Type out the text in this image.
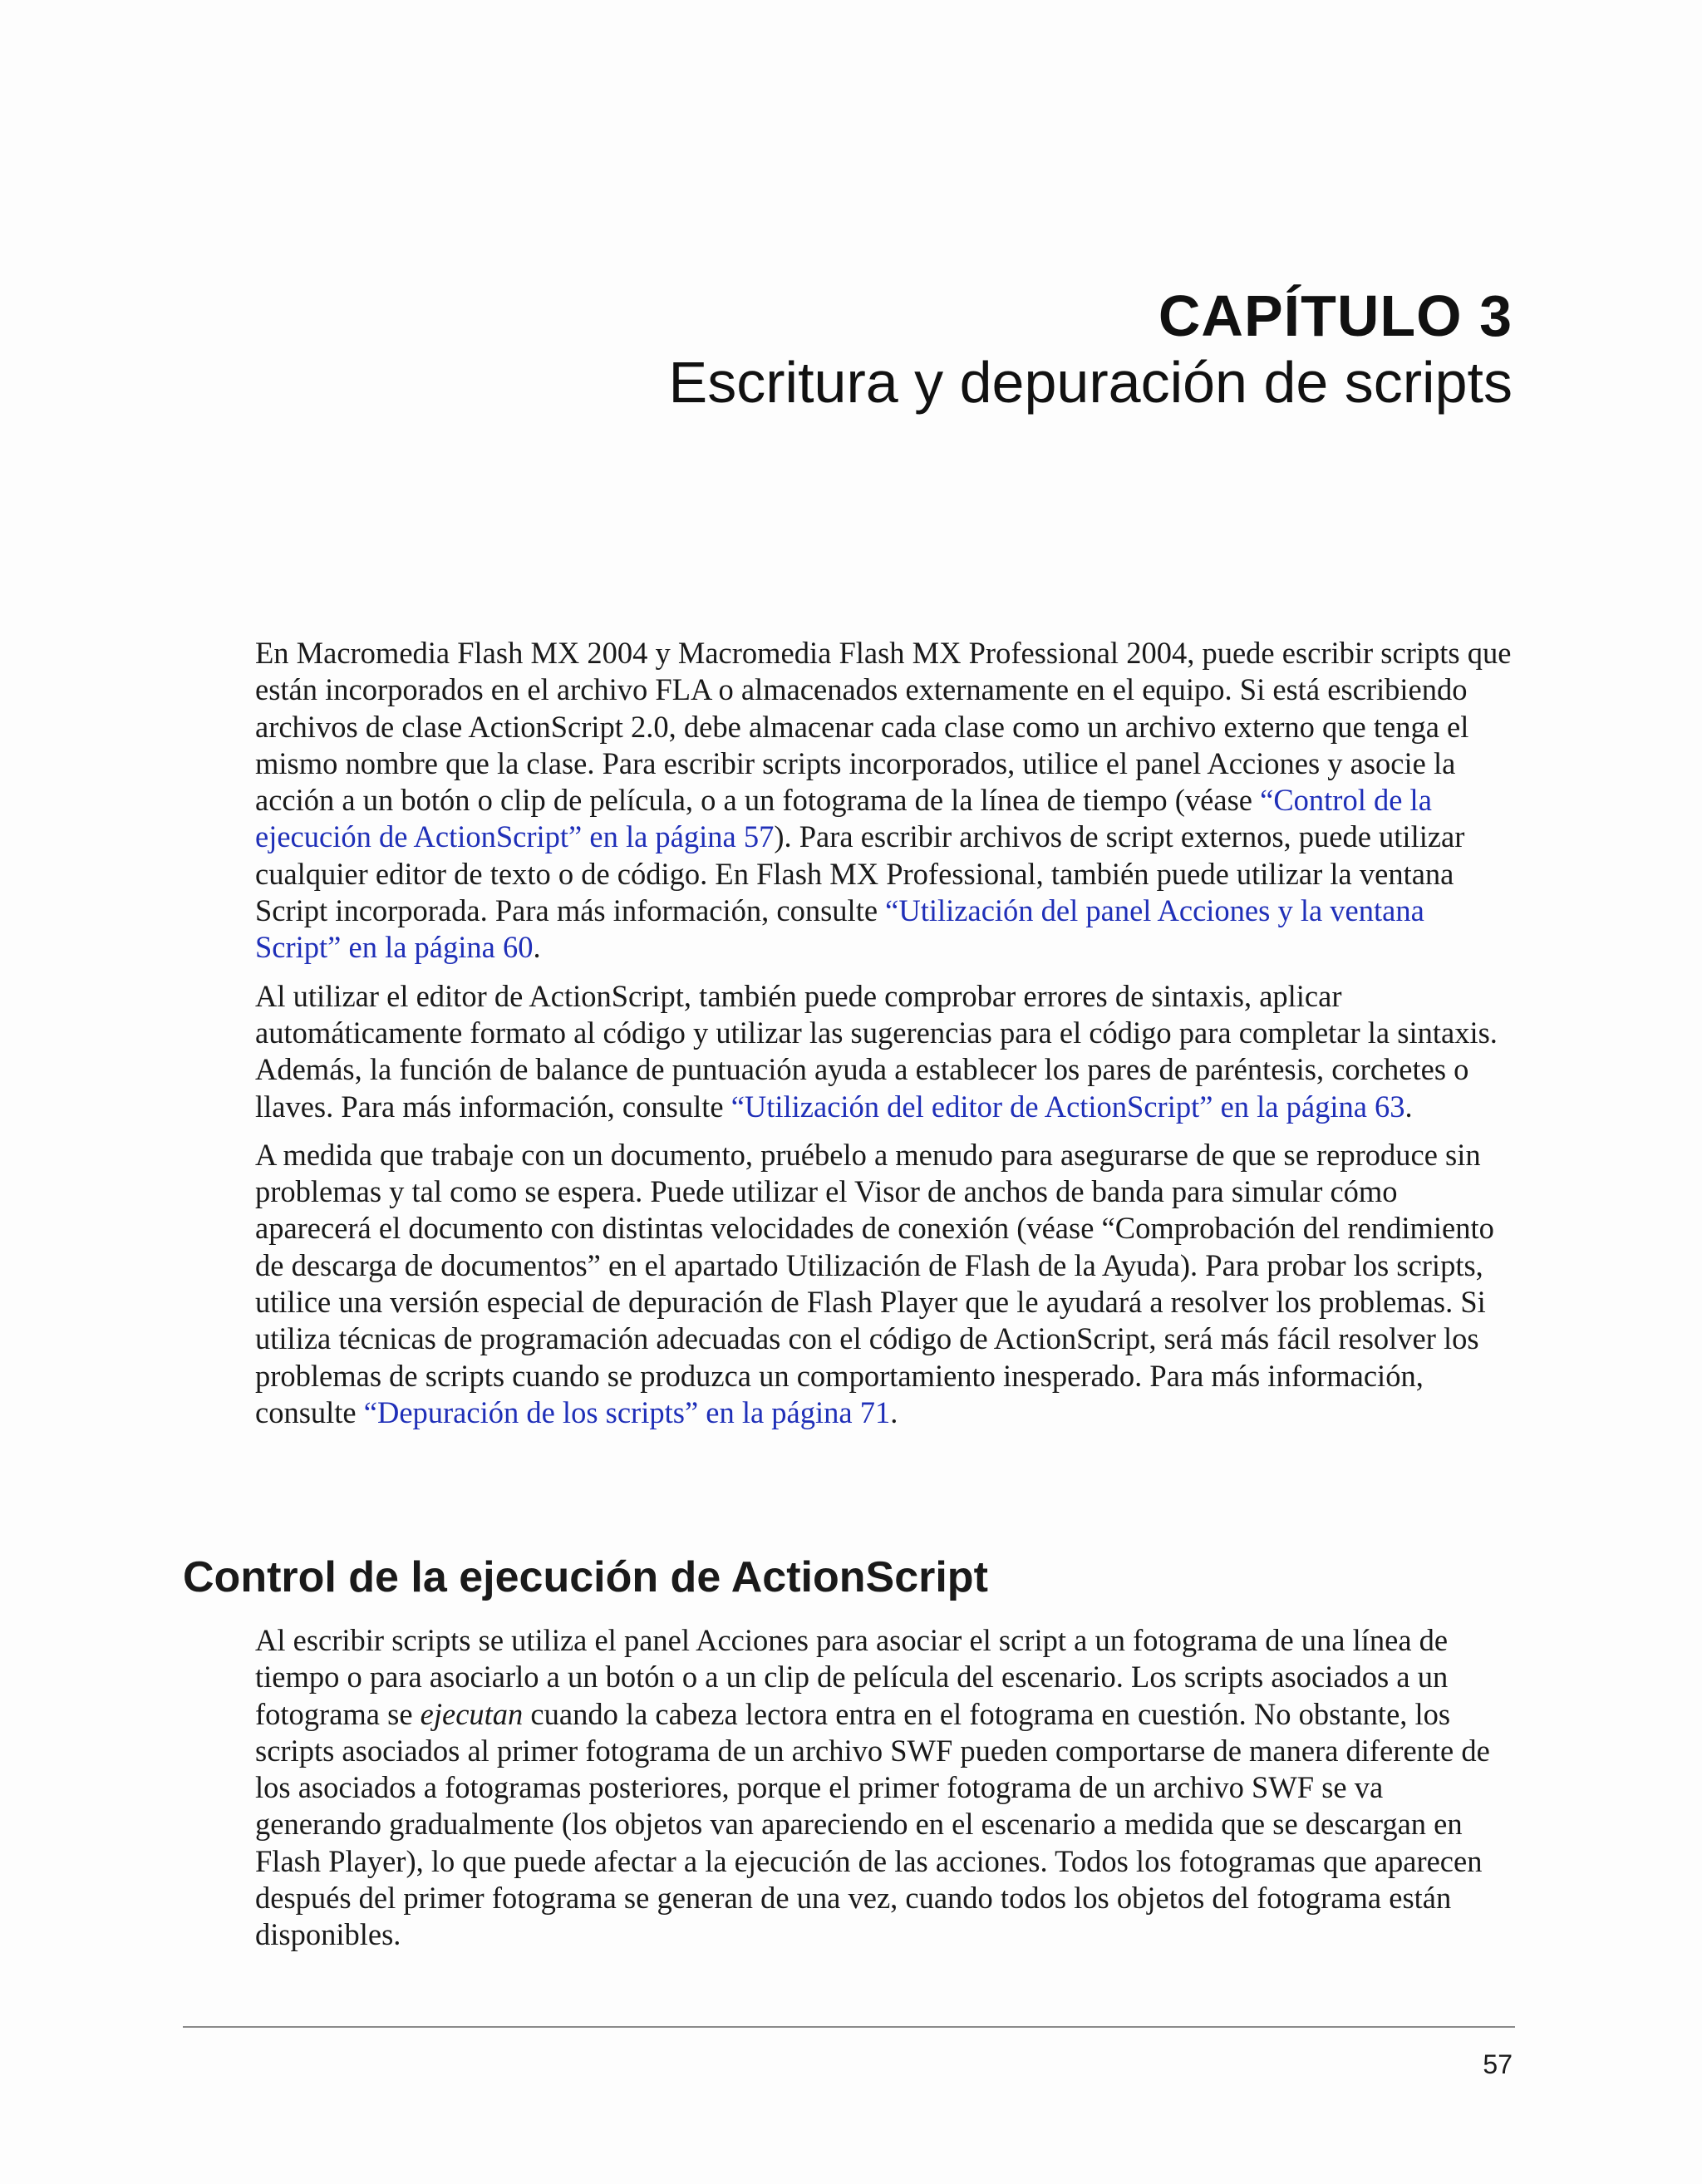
CAPÍTULO 3
Escritura y depuración de scripts

En Macromedia Flash MX 2004 y Macromedia Flash MX Professional 2004, puede escribir scripts que están incorporados en el archivo FLA o almacenados externamente en el equipo. Si está escribiendo archivos de clase ActionScript 2.0, debe almacenar cada clase como un archivo externo que tenga el mismo nombre que la clase. Para escribir scripts incorporados, utilice el panel Acciones y asocie la acción a un botón o clip de película, o a un fotograma de la línea de tiempo (véase “Control de la ejecución de ActionScript” en la página 57). Para escribir archivos de script externos, puede utilizar cualquier editor de texto o de código. En Flash MX Professional, también puede utilizar la ventana Script incorporada. Para más información, consulte “Utilización del panel Acciones y la ventana Script” en la página 60.

Al utilizar el editor de ActionScript, también puede comprobar errores de sintaxis, aplicar automáticamente formato al código y utilizar las sugerencias para el código para completar la sintaxis. Además, la función de balance de puntuación ayuda a establecer los pares de paréntesis, corchetes o llaves. Para más información, consulte “Utilización del editor de ActionScript” en la página 63.

A medida que trabaje con un documento, pruébelo a menudo para asegurarse de que se reproduce sin problemas y tal como se espera. Puede utilizar el Visor de anchos de banda para simular cómo aparecerá el documento con distintas velocidades de conexión (véase “Comprobación del rendimiento de descarga de documentos” en el apartado Utilización de Flash de la Ayuda). Para probar los scripts, utilice una versión especial de depuración de Flash Player que le ayudará a resolver los problemas. Si utiliza técnicas de programación adecuadas con el código de ActionScript, será más fácil resolver los problemas de scripts cuando se produzca un comportamiento inesperado. Para más información, consulte “Depuración de los scripts” en la página 71.

Control de la ejecución de ActionScript

Al escribir scripts se utiliza el panel Acciones para asociar el script a un fotograma de una línea de tiempo o para asociarlo a un botón o a un clip de película del escenario. Los scripts asociados a un fotograma se ejecutan cuando la cabeza lectora entra en el fotograma en cuestión. No obstante, los scripts asociados al primer fotograma de un archivo SWF pueden comportarse de manera diferente de los asociados a fotogramas posteriores, porque el primer fotograma de un archivo SWF se va generando gradualmente (los objetos van apareciendo en el escenario a medida que se descargan en Flash Player), lo que puede afectar a la ejecución de las acciones. Todos los fotogramas que aparecen después del primer fotograma se generan de una vez, cuando todos los objetos del fotograma están disponibles.

57
